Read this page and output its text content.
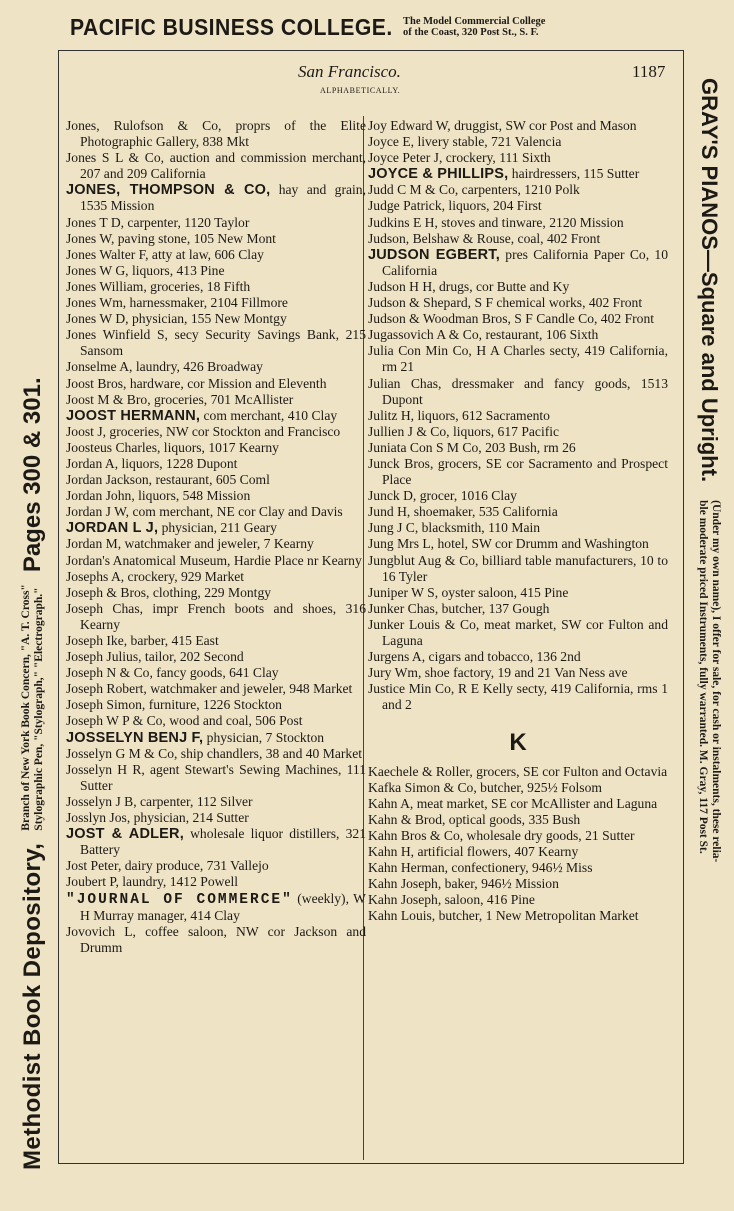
PACIFIC BUSINESS COLLEGE. The Model Commercial College
of the Coast, 320 Post St., S. F.
Methodist Book Depository,
Branch of New York Book Concern, "A. T. Cross" Stylographic Pen, "Stylograph," "Electrograph."
Pages 300 & 301.	GRAY'S PIANOS—Square and Upright.
(Under my own name), I offer for sale, for cash or instalments, these relia-
ble moderate priced Instruments, fully warranted. M. Gray, 117 Post St.
San Francisco.	1187
ALPHABETICALLY.

Jones, Rulofson & Co, proprs of the Elite Photographic Gallery, 838 Mkt

Jones S L & Co, auction and commission merchant, 207 and 209 California

JONES, THOMPSON & CO, hay and grain, 1535 Mission

Jones T D, carpenter, 1120 Taylor

Jones W, paving stone, 105 New Mont

Jones Walter F, atty at law, 606 Clay

Jones W G, liquors, 413 Pine

Jones William, groceries, 18 Fifth

Jones Wm, harnessmaker, 2104 Fillmore

Jones W D, physician, 155 New Montgy

Jones Winfield S, secy Security Savings Bank, 215 Sansom

Jonselme A, laundry, 426 Broadway

Joost Bros, hardware, cor Mission and Eleventh

Joost M & Bro, groceries, 701 McAllister

JOOST HERMANN, com merchant, 410 Clay

Joost J, groceries, NW cor Stockton and Francisco

Joosteus Charles, liquors, 1017 Kearny

Jordan A, liquors, 1228 Dupont

Jordan Jackson, restaurant, 605 Coml

Jordan John, liquors, 548 Mission

Jordan J W, com merchant, NE cor Clay and Davis

JORDAN L J, physician, 211 Geary

Jordan M, watchmaker and jeweler, 7 Kearny

Jordan's Anatomical Museum, Hardie Place nr Kearny

Josephs A, crockery, 929 Market

Joseph & Bros, clothing, 229 Montgy

Joseph Chas, impr French boots and shoes, 316 Kearny

Joseph Ike, barber, 415 East

Joseph Julius, tailor, 202 Second

Joseph N & Co, fancy goods, 641 Clay

Joseph Robert, watchmaker and jeweler, 948 Market

Joseph Simon, furniture, 1226 Stockton

Joseph W P & Co, wood and coal, 506 Post

JOSSELYN BENJ F, physician, 7 Stockton

Josselyn G M & Co, ship chandlers, 38 and 40 Market

Josselyn H R, agent Stewart's Sewing Machines, 111 Sutter

Josselyn J B, carpenter, 112 Silver

Josslyn Jos, physician, 214 Sutter

JOST & ADLER, wholesale liquor distillers, 321 Battery

Jost Peter, dairy produce, 731 Vallejo

Joubert P, laundry, 1412 Powell

"JOURNAL OF COMMERCE" (weekly), W H Murray manager, 414 Clay

Jovovich L, coffee saloon, NW cor Jackson and Drumm

Joy Edward W, druggist, SW cor Post and Mason

Joyce E, livery stable, 721 Valencia

Joyce Peter J, crockery, 111 Sixth

JOYCE & PHILLIPS, hairdressers, 115 Sutter

Judd C M & Co, carpenters, 1210 Polk

Judge Patrick, liquors, 204 First

Judkins E H, stoves and tinware, 2120 Mission

Judson, Belshaw & Rouse, coal, 402 Front

JUDSON EGBERT, pres California Paper Co, 10 California

Judson H H, drugs, cor Butte and Ky

Judson & Shepard, S F chemical works, 402 Front

Judson & Woodman Bros, S F Candle Co, 402 Front

Jugassovich A & Co, restaurant, 106 Sixth

Julia Con Min Co, H A Charles secty, 419 California, rm 21

Julian Chas, dressmaker and fancy goods, 1513 Dupont

Julitz H, liquors, 612 Sacramento

Jullien J & Co, liquors, 617 Pacific

Juniata Con S M Co, 203 Bush, rm 26

Junck Bros, grocers, SE cor Sacramento and Prospect Place

Junck D, grocer, 1016 Clay

Jund H, shoemaker, 535 California

Jung J C, blacksmith, 110 Main

Jung Mrs L, hotel, SW cor Drumm and Washington

Jungblut Aug & Co, billiard table manufacturers, 10 to 16 Tyler

Juniper W S, oyster saloon, 415 Pine

Junker Chas, butcher, 137 Gough

Junker Louis & Co, meat market, SW cor Fulton and Laguna

Jurgens A, cigars and tobacco, 136 2nd

Jury Wm, shoe factory, 19 and 21 Van Ness ave

Justice Min Co, R E Kelly secty, 419 California, rms 1 and 2

K

Kaechele & Roller, grocers, SE cor Fulton and Octavia

Kafka Simon & Co, butcher, 925½ Folsom

Kahn A, meat market, SE cor McAllister and Laguna

Kahn & Brod, optical goods, 335 Bush

Kahn Bros & Co, wholesale dry goods, 21 Sutter

Kahn H, artificial flowers, 407 Kearny

Kahn Herman, confectionery, 946½ Miss

Kahn Joseph, baker, 946½ Mission

Kahn Joseph, saloon, 416 Pine

Kahn Louis, butcher, 1 New Metropolitan Market
